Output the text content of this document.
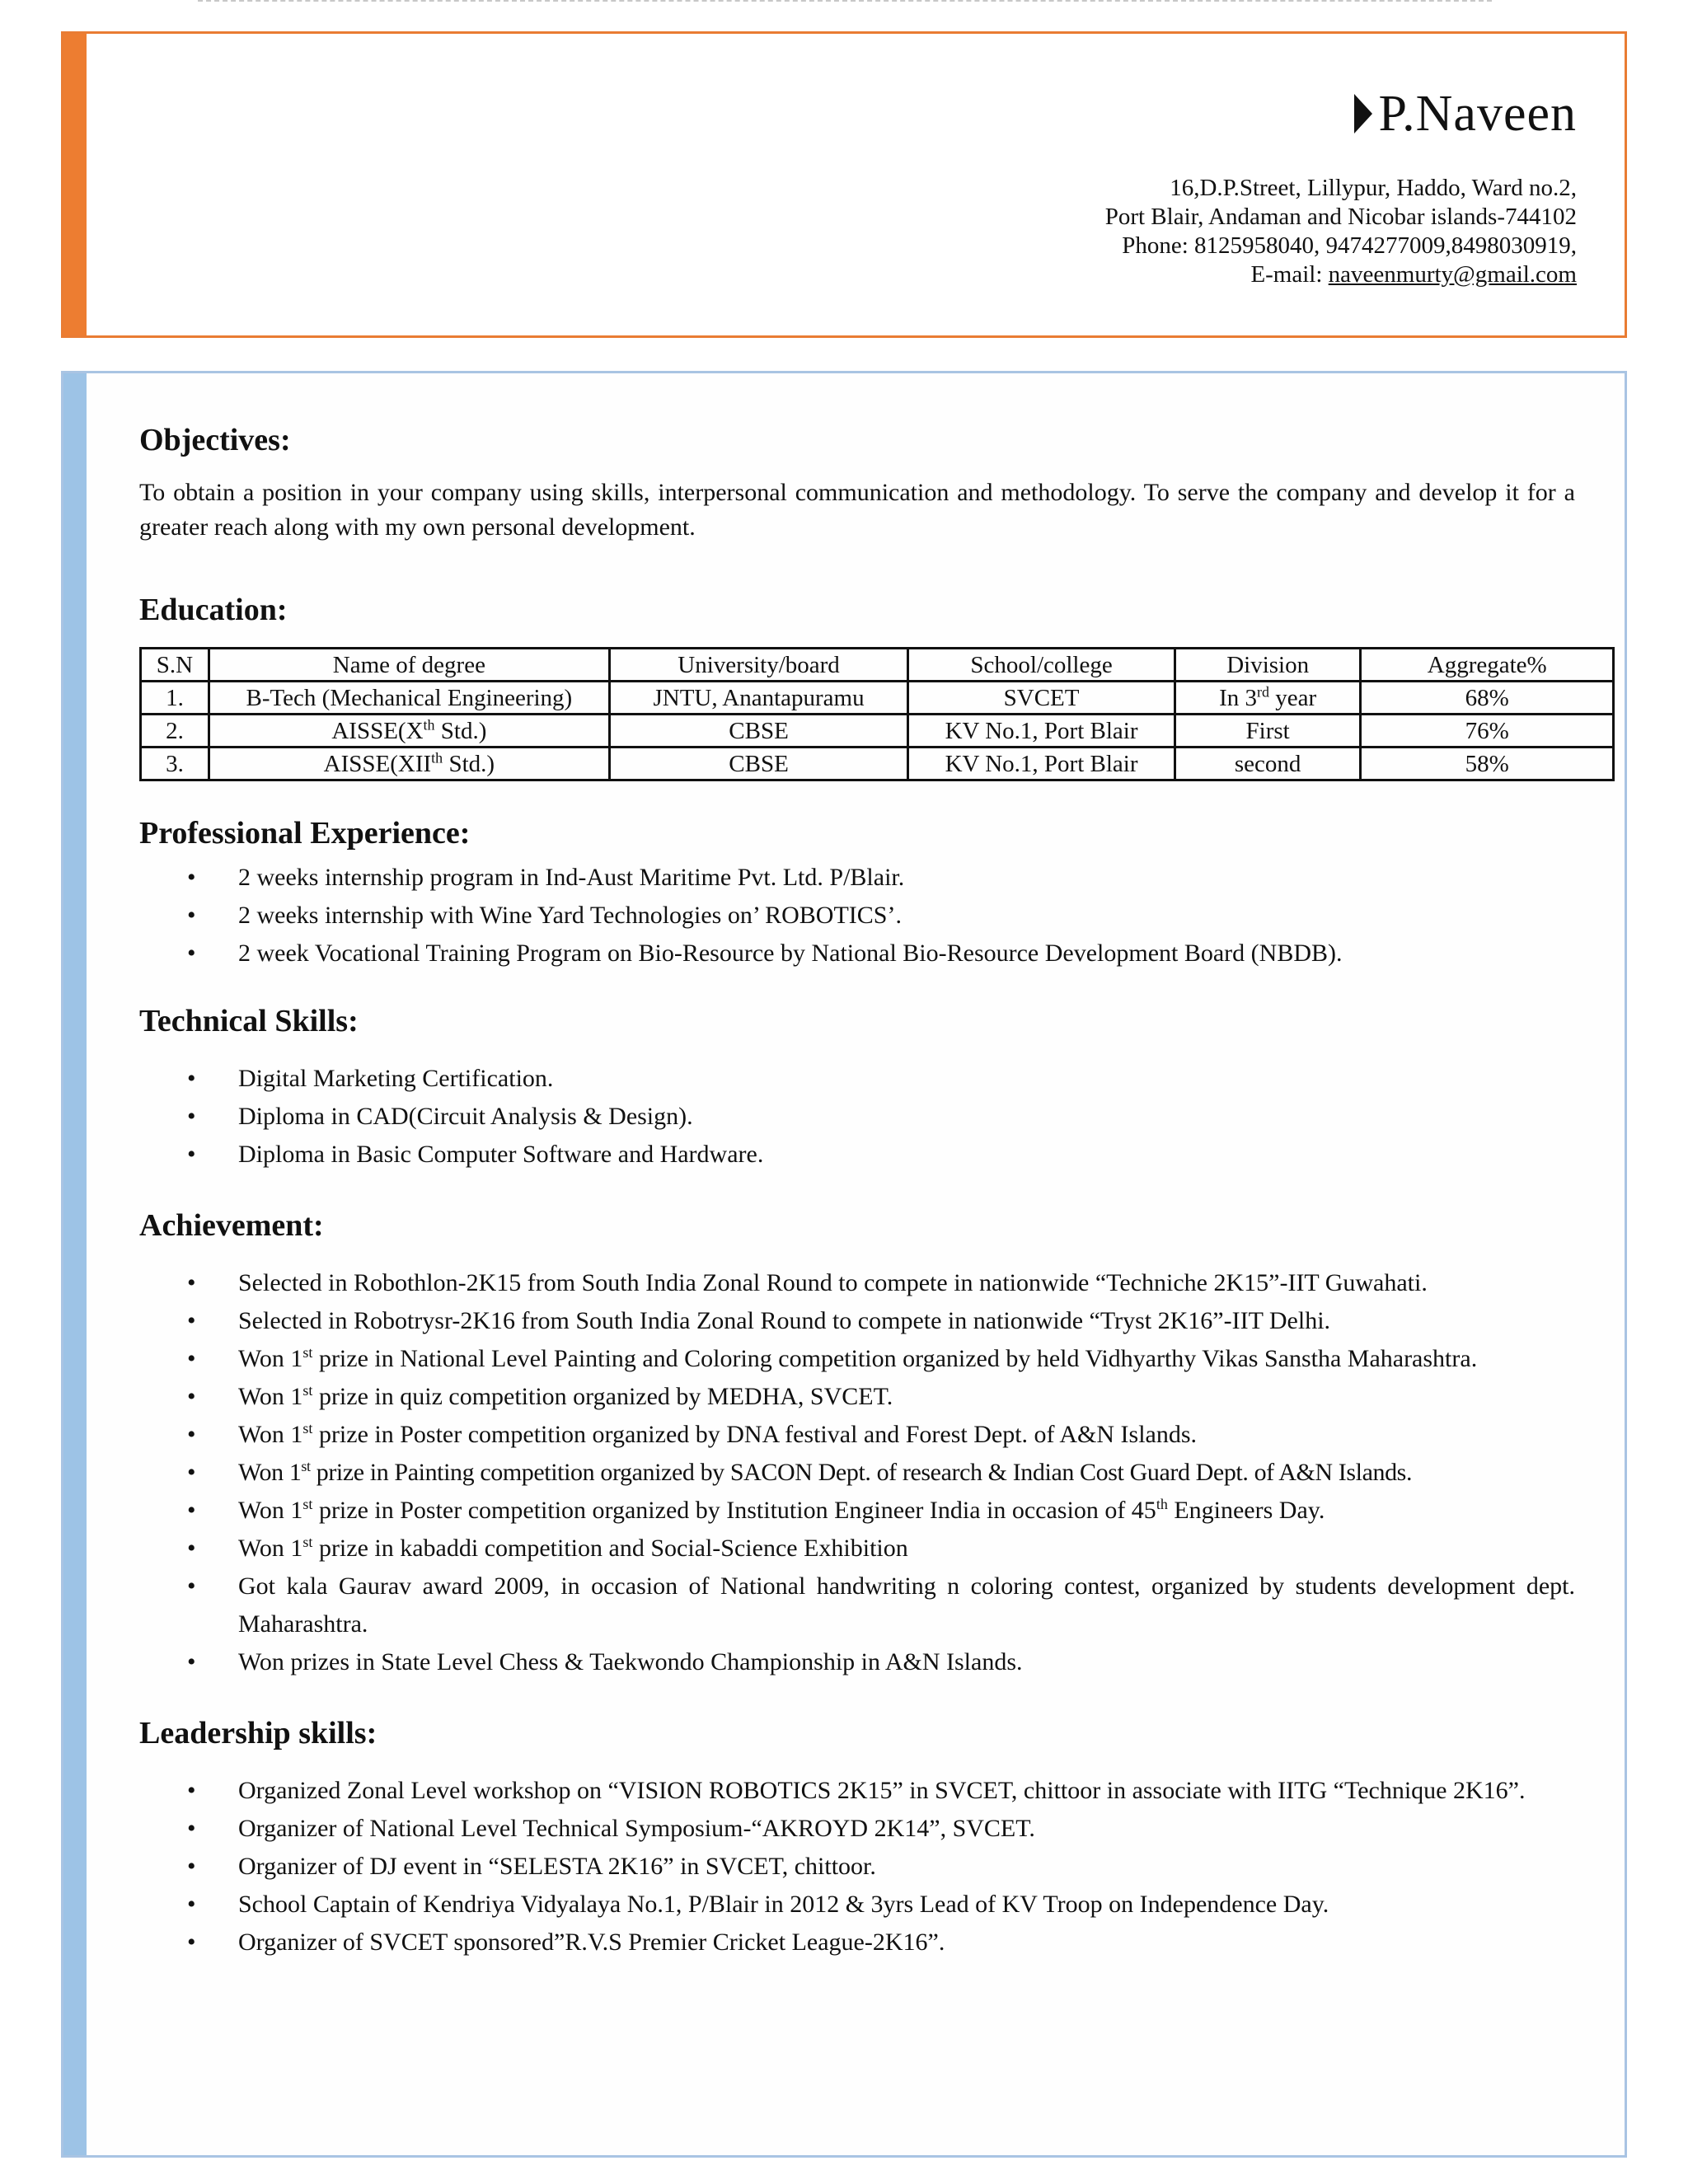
P.Naveen
16,D.P.Street, Lillypur, Haddo, Ward no.2,
Port Blair, Andaman and Nicobar islands-744102
Phone: 8125958040, 9474277009,8498030919,
E-mail: naveenmurty@gmail.com
Objectives:

To obtain a position in your company using skills, interpersonal communication and methodology. To serve the company and develop it for a greater reach along with my own personal development.

Education:
S.N	Name of degree	University/board	School/college	Division	Aggregate%
1.	B-Tech (Mechanical Engineering)	JNTU, Anantapuramu	SVCET	In 3rd year	68%
2.	AISSE(Xth Std.)	CBSE	KV No.1, Port Blair	First	76%
3.	AISSE(XIIth Std.)	CBSE	KV No.1, Port Blair	second	58%
Professional Experience:
• 2 weeks internship program in Ind-Aust Maritime Pvt. Ltd. P/Blair.
• 2 weeks internship with Wine Yard Technologies on’ ROBOTICS’.
• 2 week Vocational Training Program on Bio-Resource by National Bio-Resource Development Board (NBDB).
Technical Skills:
• Digital Marketing Certification.
• Diploma in CAD(Circuit Analysis & Design).
• Diploma in Basic Computer Software and Hardware.
Achievement:
• Selected in Robothlon-2K15 from South India Zonal Round to compete in nationwide “Techniche 2K15”-IIT Guwahati.
• Selected in Robotrysr-2K16 from South India Zonal Round to compete in nationwide “Tryst 2K16”-IIT Delhi.
• Won 1st prize in National Level Painting and Coloring competition organized by held Vidhyarthy Vikas Sanstha Maharashtra.
• Won 1st prize in quiz competition organized by MEDHA, SVCET.
• Won 1st prize in Poster competition organized by DNA festival and Forest Dept. of A&N Islands.
• Won 1st prize in Painting competition organized by SACON Dept. of research & Indian Cost Guard Dept. of A&N Islands.
• Won 1st prize in Poster competition organized by Institution Engineer India in occasion of 45th Engineers Day.
• Won 1st prize in kabaddi competition and Social-Science Exhibition
• Got kala Gaurav award 2009, in occasion of National handwriting n coloring contest, organized by students development dept. Maharashtra.
• Won prizes in State Level Chess & Taekwondo Championship in A&N Islands.
Leadership skills:
• Organized Zonal Level workshop on “VISION ROBOTICS 2K15” in SVCET, chittoor in associate with IITG “Technique 2K16”.
• Organizer of National Level Technical Symposium-“AKROYD 2K14”, SVCET.
• Organizer of DJ event in “SELESTA 2K16” in SVCET, chittoor.
• School Captain of Kendriya Vidyalaya No.1, P/Blair in 2012 & 3yrs Lead of KV Troop on Independence Day.
• Organizer of SVCET sponsored”R.V.S Premier Cricket League-2K16”.
